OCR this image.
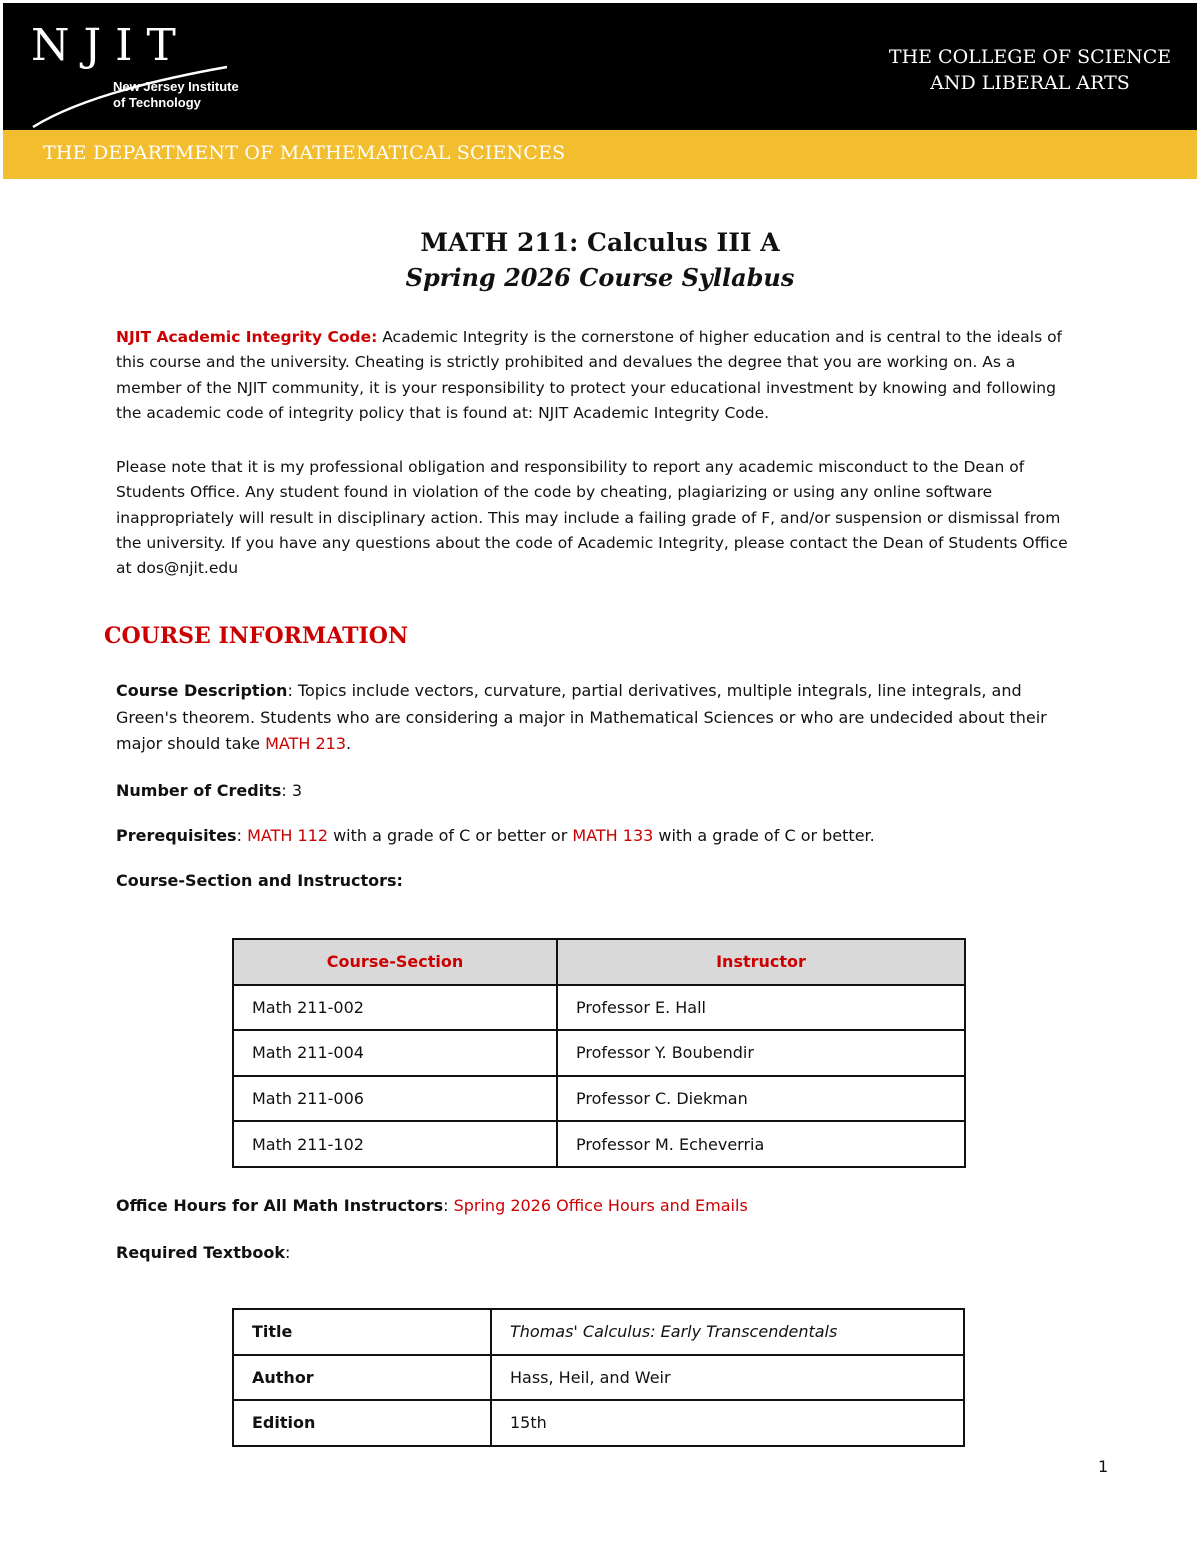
NJIT
New Jersey Institute
of Technology
THE COLLEGE OF SCIENCE
AND LIBERAL ARTS
THE DEPARTMENT OF MATHEMATICAL SCIENCES
MATH 211: Calculus III A
Spring 2026 Course Syllabus
NJIT Academic Integrity Code: Academic Integrity is the cornerstone of higher education and is central to the ideals of this course and the university. Cheating is strictly prohibited and devalues the degree that you are working on. As a member of the NJIT community, it is your responsibility to protect your educational investment by knowing and following the academic code of integrity policy that is found at: NJIT Academic Integrity Code.
Please note that it is my professional obligation and responsibility to report any academic misconduct to the Dean of Students Office. Any student found in violation of the code by cheating, plagiarizing or using any online software inappropriately will result in disciplinary action. This may include a failing grade of F, and/or suspension or dismissal from the university. If you have any questions about the code of Academic Integrity, please contact the Dean of Students Office at dos@njit.edu
COURSE INFORMATION
Course Description: Topics include vectors, curvature, partial derivatives, multiple integrals, line integrals, and Green's theorem. Students who are considering a major in Mathematical Sciences or who are undecided about their major should take MATH 213.
Number of Credits: 3
Prerequisites: MATH 112 with a grade of C or better or MATH 133 with a grade of C or better.
Course-Section and Instructors:
Course-Section	Instructor
Math 211-002	Professor E. Hall
Math 211-004	Professor Y. Boubendir
Math 211-006	Professor C. Diekman
Math 211-102	Professor M. Echeverria
Office Hours for All Math Instructors: Spring 2026 Office Hours and Emails
Required Textbook:
Title	Thomas' Calculus: Early Transcendentals
Author	Hass, Heil, and Weir
Edition	15th
1
